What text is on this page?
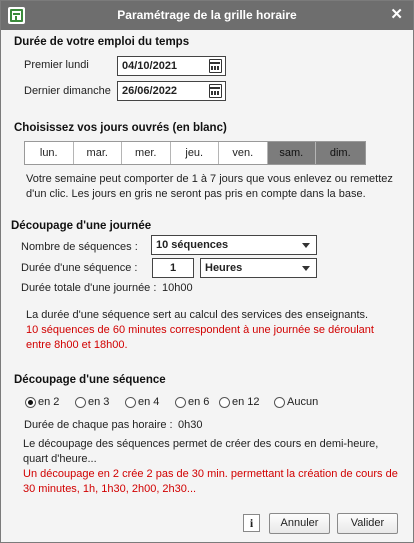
Paramétrage de la grille horaire	✕
Durée de votre emploi du temps
Premier lundi	04/10/2021
Dernier dimanche 26/06/2022
Choisissez vos jours ouvrés (en blanc)
lun.	mar.	mer.	jeu.	ven.	sam.	dim.
Votre semaine peut comporter de 1 à 7 jours que vous enlevez ou remettez d'un clic. Les jours en gris ne seront pas pris en compte dans la base.
Découpage d'une journée
Nombre de séquences : 10 séquences
Durée d'une séquence :	1	Heures
Durée totale d'une journée : 10h00
La durée d'une séquence sert au calcul des services des enseignants.
10 séquences de 60 minutes correspondent à une journée se déroulant entre 8h00 et 18h00.
Découpage d'une séquence
en 2	en 3	en 4	en 6 en 12 Aucun
Durée de chaque pas horaire : 0h30
Le découpage des séquences permet de créer des cours en demi-heure, quart d'heure...
Un découpage en 2 crée 2 pas de 30 min. permettant la création de cours de 30 minutes, 1h, 1h30, 2h00, 2h30...
i	Annuler	Valider
